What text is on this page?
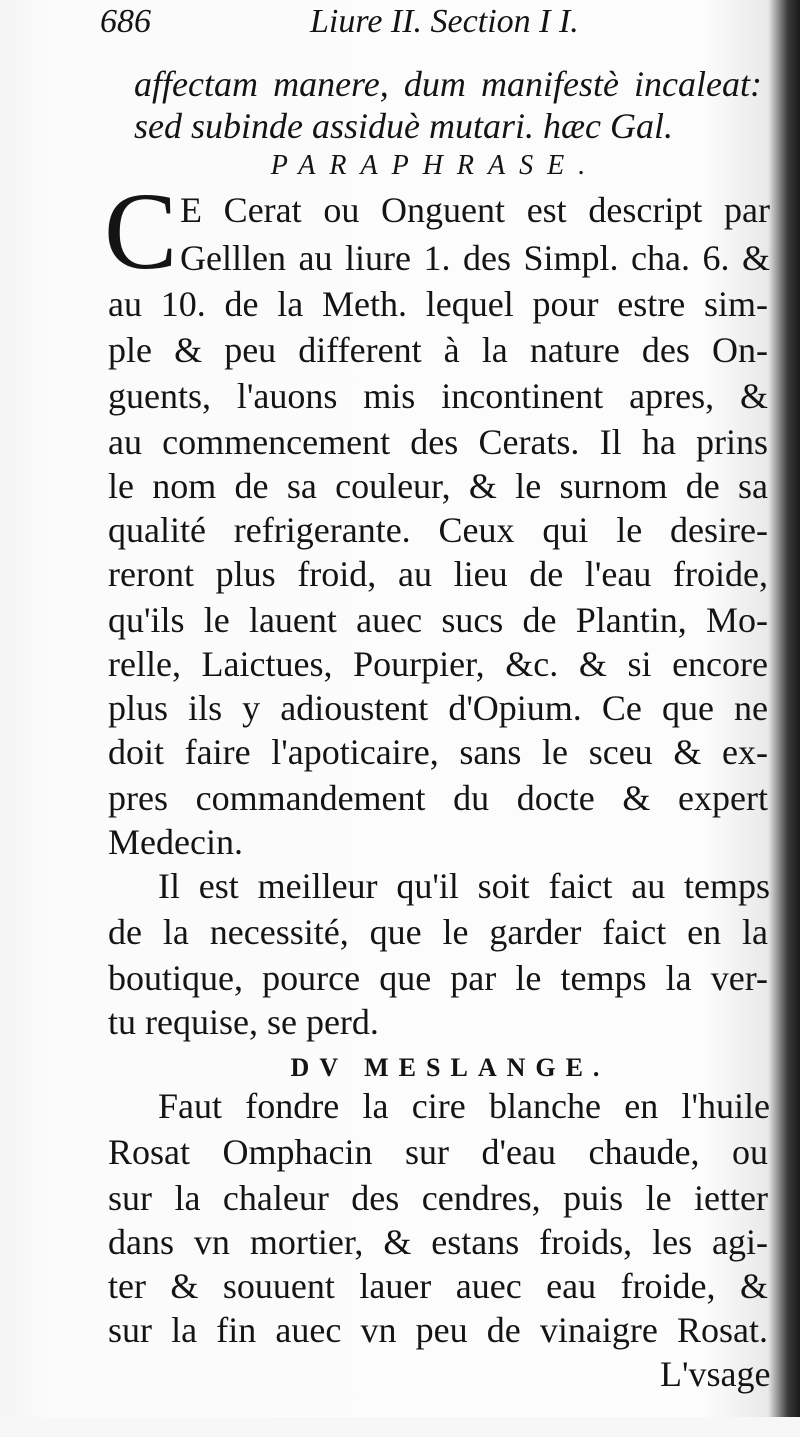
686	Liure II. Section I I.
affectam manere, dum manifestè incaleat:
sed subinde assiduè mutari. hæc Gal.
PARAPHRASE.
C E Cerat ou Onguent est descript par
Gelllen au liure 1. des Simpl. cha. 6. &
au 10. de la Meth. lequel pour estre sim-
ple & peu different à la nature des On-
guents, l'auons mis incontinent apres, &
au commencement des Cerats. Il ha prins
le nom de sa couleur, & le surnom de sa
qualité refrigerante. Ceux qui le desire-
reront plus froid, au lieu de l'eau froide,
qu'ils le lauent auec sucs de Plantin, Mo-
relle, Laictues, Pourpier, &c. & si encore
plus ils y adioustent d'Opium. Ce que ne
doit faire l'apoticaire, sans le sceu & ex-
pres commandement du docte & expert
Medecin.
Il est meilleur qu'il soit faict au temps
de la necessité, que le garder faict en la
boutique, pource que par le temps la ver-
tu requise, se perd.
DV MESLANGE.
Faut fondre la cire blanche en l'huile
Rosat Omphacin sur d'eau chaude, ou
sur la chaleur des cendres, puis le ietter
dans vn mortier, & estans froids, les agi-
ter & souuent lauer auec eau froide, &
sur la fin auec vn peu de vinaigre Rosat.
L'vsage
